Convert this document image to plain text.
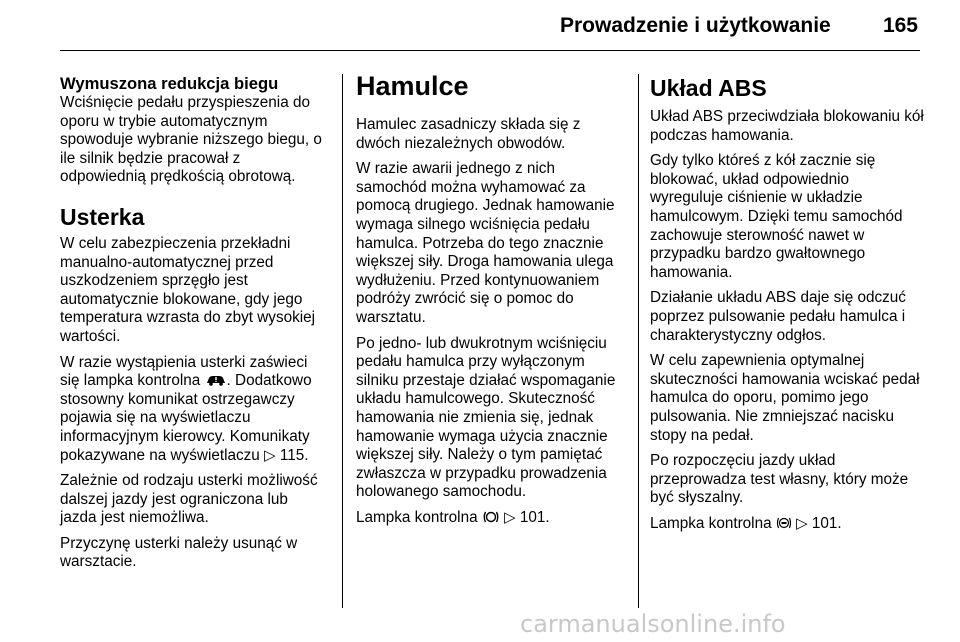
Prowadzenie i użytkowanie 165
Wymuszona redukcja biegu

Wciśnięcie pedału przyspieszenia do oporu w trybie automatycznym spowoduje wybranie niższego biegu, o ile silnik będzie pracował z odpowiednią prędkością obrotową.

Usterka

W celu zabezpieczenia przekładni manualno-automatycznej przed uszkodzeniem sprzęgło jest automatycznie blokowane, gdy jego temperatura wzrasta do zbyt wysokiej wartości.

W razie wystąpienia usterki zaświeci się lampka kontrolna . Dodatkowo stosowny komunikat ostrzegawczy pojawia się na wyświetlaczu informacyjnym kierowcy. Komunikaty pokazywane na wyświetlaczu ▷ 115.

Zależnie od rodzaju usterki możliwość dalszej jazdy jest ograniczona lub jazda jest niemożliwa.

Przyczynę usterki należy usunąć w warsztacie.

Hamulce

Hamulec zasadniczy składa się z dwóch niezależnych obwodów.

W razie awarii jednego z nich samochód można wyhamować za pomocą drugiego. Jednak hamowanie wymaga silnego wciśnięcia pedału hamulca. Potrzeba do tego znacznie większej siły. Droga hamowania ulega wydłużeniu. Przed kontynuowaniem podróży zwrócić się o pomoc do warsztatu.

Po jedno- lub dwukrotnym wciśnięciu pedału hamulca przy wyłączonym silniku przestaje działać wspomaganie układu hamulcowego. Skuteczność hamowania nie zmienia się, jednak hamowanie wymaga użycia znacznie większej siły. Należy o tym pamiętać zwłaszcza w przypadku prowadzenia holowanego samochodu.

Lampka kontrolna ▷ 101.

Układ ABS

Układ ABS przeciwdziała blokowaniu kół podczas hamowania.

Gdy tylko któreś z kół zacznie się blokować, układ odpowiednio wyreguluje ciśnienie w układzie hamulcowym. Dzięki temu samochód zachowuje sterowność nawet w przypadku bardzo gwałtownego hamowania.

Działanie układu ABS daje się odczuć poprzez pulsowanie pedału hamulca i charakterystyczny odgłos.

W celu zapewnienia optymalnej skuteczności hamowania wciskać pedał hamulca do oporu, pomimo jego pulsowania. Nie zmniejszać nacisku stopy na pedał.

Po rozpoczęciu jazdy układ przeprowadza test własny, który może być słyszalny.

Lampka kontrolna ▷ 101.

carmanualsonline.info
